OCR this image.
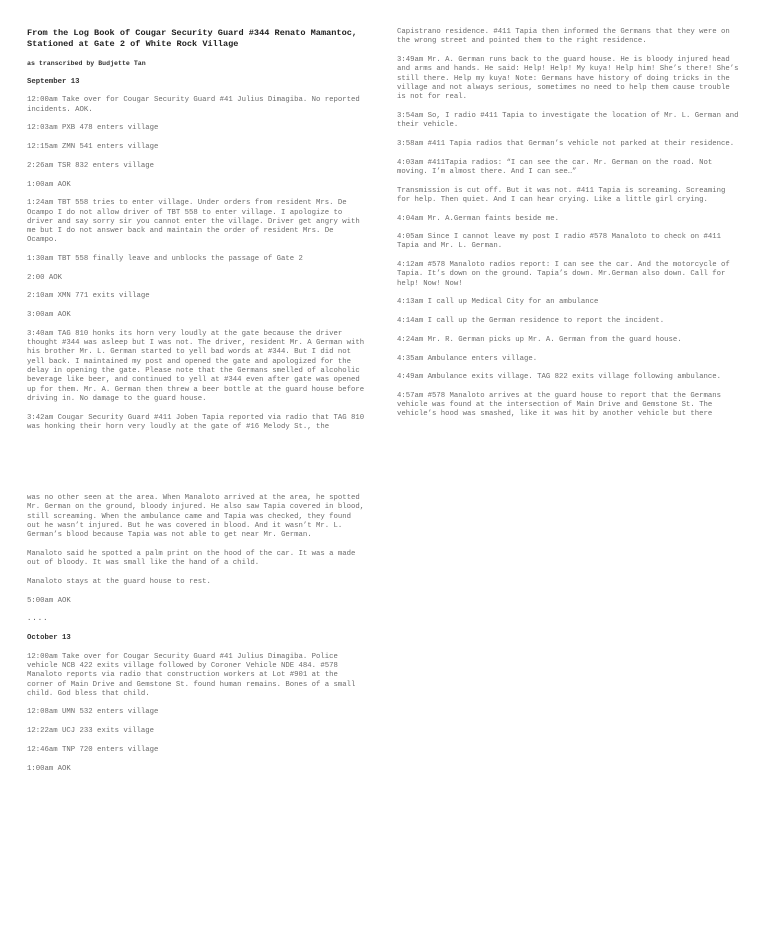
From the Log Book of Cougar Security Guard #344 Renato Mamantoc, Stationed at Gate 2 of White Rock Village

as transcribed by Budjette Tan

September 13

12:00am Take over for Cougar Security Guard #41 Julius Dimagiba. No reported incidents. AOK.

12:03am PXB 478 enters village

12:15am ZMN 541 enters village

2:26am TSR 832 enters village

1:00am AOK

1:24am TBT 558 tries to enter village. Under orders from resident Mrs. De Ocampo I do not allow driver of TBT 558 to enter village. I apologize to driver and say sorry sir you cannot enter the village. Driver get angry with me but I do not answer back and maintain the order of resident Mrs. De Ocampo.

1:30am TBT 558 finally leave and unblocks the passage of Gate 2

2:00 AOK

2:10am XMN 771 exits village

3:00am AOK

3:40am TAG 810 honks its horn very loudly at the gate because the driver thought #344 was asleep but I was not. The driver, resident Mr. A German with his brother Mr. L. German started to yell bad words at #344. But I did not yell back. I maintained my post and opened the gate and apologized for the delay in opening the gate. Please note that the Germans smelled of alcoholic beverage like beer, and continued to yell at #344 even after gate was opened up for them. Mr. A. German then threw a beer bottle at the guard house before driving in. No damage to the guard house.

3:42am Cougar Security Guard #411 Joben Tapia reported via radio that TAG 810 was honking their horn very loudly at the gate of #16 Melody St., the

Capistrano residence. #411 Tapia then informed the Germans that they were on the wrong street and pointed them to the right residence.

3:49am Mr. A. German runs back to the guard house. He is bloody injured head and arms and hands. He said: Help! Help! My kuya! Help him! She’s there! She’s still there. Help my kuya! Note: Germans have history of doing tricks in the village and not always serious, sometimes no need to help them cause trouble is not for real.

3:54am So, I radio #411 Tapia to investigate the location of Mr. L. German and their vehicle.

3:58am #411 Tapia radios that German’s vehicle not parked at their residence.

4:03am #411Tapia radios: “I can see the car. Mr. German on the road. Not moving. I’m almost there. And I can see…”

Transmission is cut off. But it was not. #411 Tapia is screaming. Screaming for help. Then quiet. And I can hear crying. Like a little girl crying.

4:04am Mr. A.German faints beside me.

4:05am Since I cannot leave my post I radio #578 Manaloto to check on #411 Tapia and Mr. L. German.

4:12am #578 Manaloto radios report: I can see the car. And the motorcycle of Tapia. It’s down on the ground. Tapia’s down. Mr.German also down. Call for help! Now! Now!

4:13am I call up Medical City for an ambulance

4:14am I call up the German residence to report the incident.

4:24am Mr. R. German picks up Mr. A. German from the guard house.

4:35am Ambulance enters village.

4:49am Ambulance exits village. TAG 822 exits village following ambulance.

4:57am #578 Manaloto arrives at the guard house to report that the Germans vehicle was found at the intersection of Main Drive and Gemstone St. The vehicle’s hood was smashed, like it was hit by another vehicle but there

was no other seen at the area. When Manaloto arrived at the area, he spotted Mr. German on the ground, bloody injured. He also saw Tapia covered in blood, still screaming. When the ambulance came and Tapia was checked, they found out he wasn’t injured. But he was covered in blood. And it wasn’t Mr. L. German’s blood because Tapia was not able to get near Mr. German.

Manaloto said he spotted a palm print on the hood of the car. It was a made out of bloody. It was small like the hand of a child.

Manaloto stays at the guard house to rest.

5:00am AOK

....

October 13

12:00am Take over for Cougar Security Guard #41 Julius Dimagiba. Police vehicle NCB 422 exits village followed by Coroner Vehicle NDE 484. #578 Manaloto reports via radio that construction workers at Lot #901 at the corner of Main Drive and Gemstone St. found human remains. Bones of a small child. God bless that child.

12:08am UMN 532 enters village

12:22am UCJ 233 exits village

12:46am TNP 720 enters village

1:00am AOK
